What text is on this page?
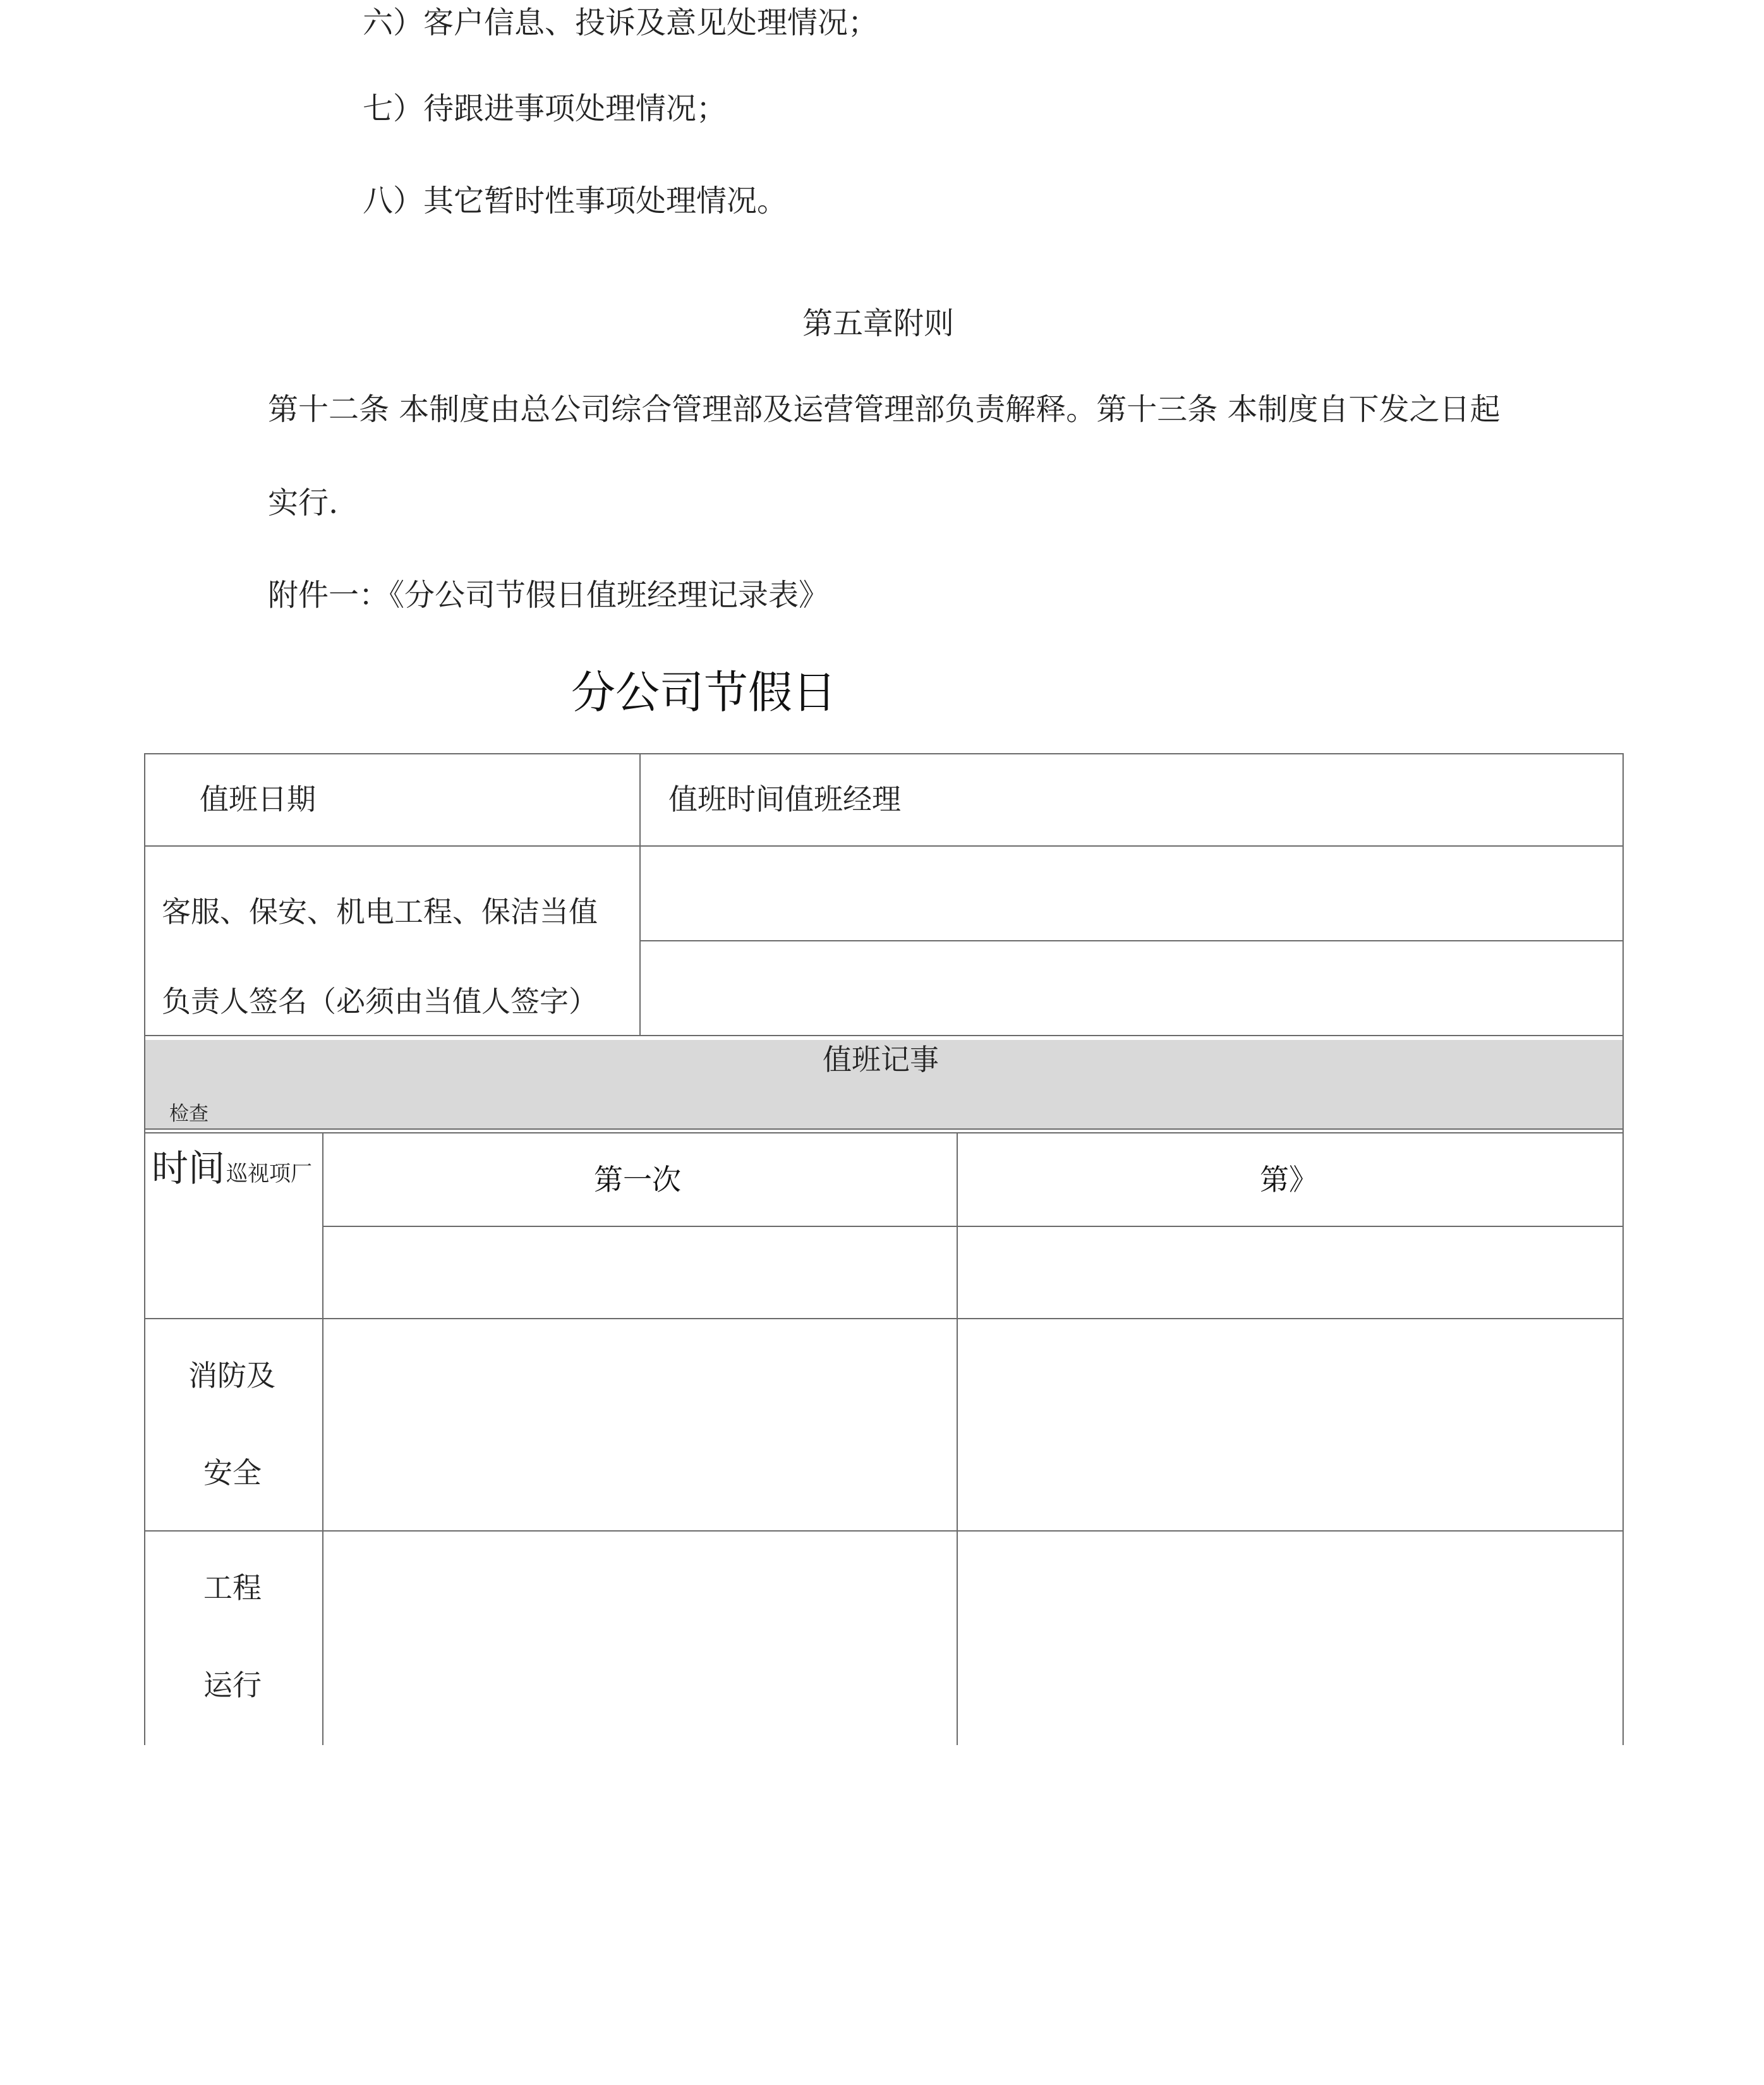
六）客户信息、投诉及意见处理情况；
七）待跟进事项处理情况；
八）其它暂时性事项处理情况。
第五章附则
第十二条 本制度由总公司综合管理部及运营管理部负责解释。第十三条 本制度自下发之日起
实行.
附件一：《分公司节假日值班经理记录表》
分公司节假日
值班日期	值班时间值班经理
客服、保安、机电工程、保洁当值
负责人签名（必须由当值人签字）
值班记事
检查
时间 巡视项厂	第一次	第》
消防及
安全
工程
运行
